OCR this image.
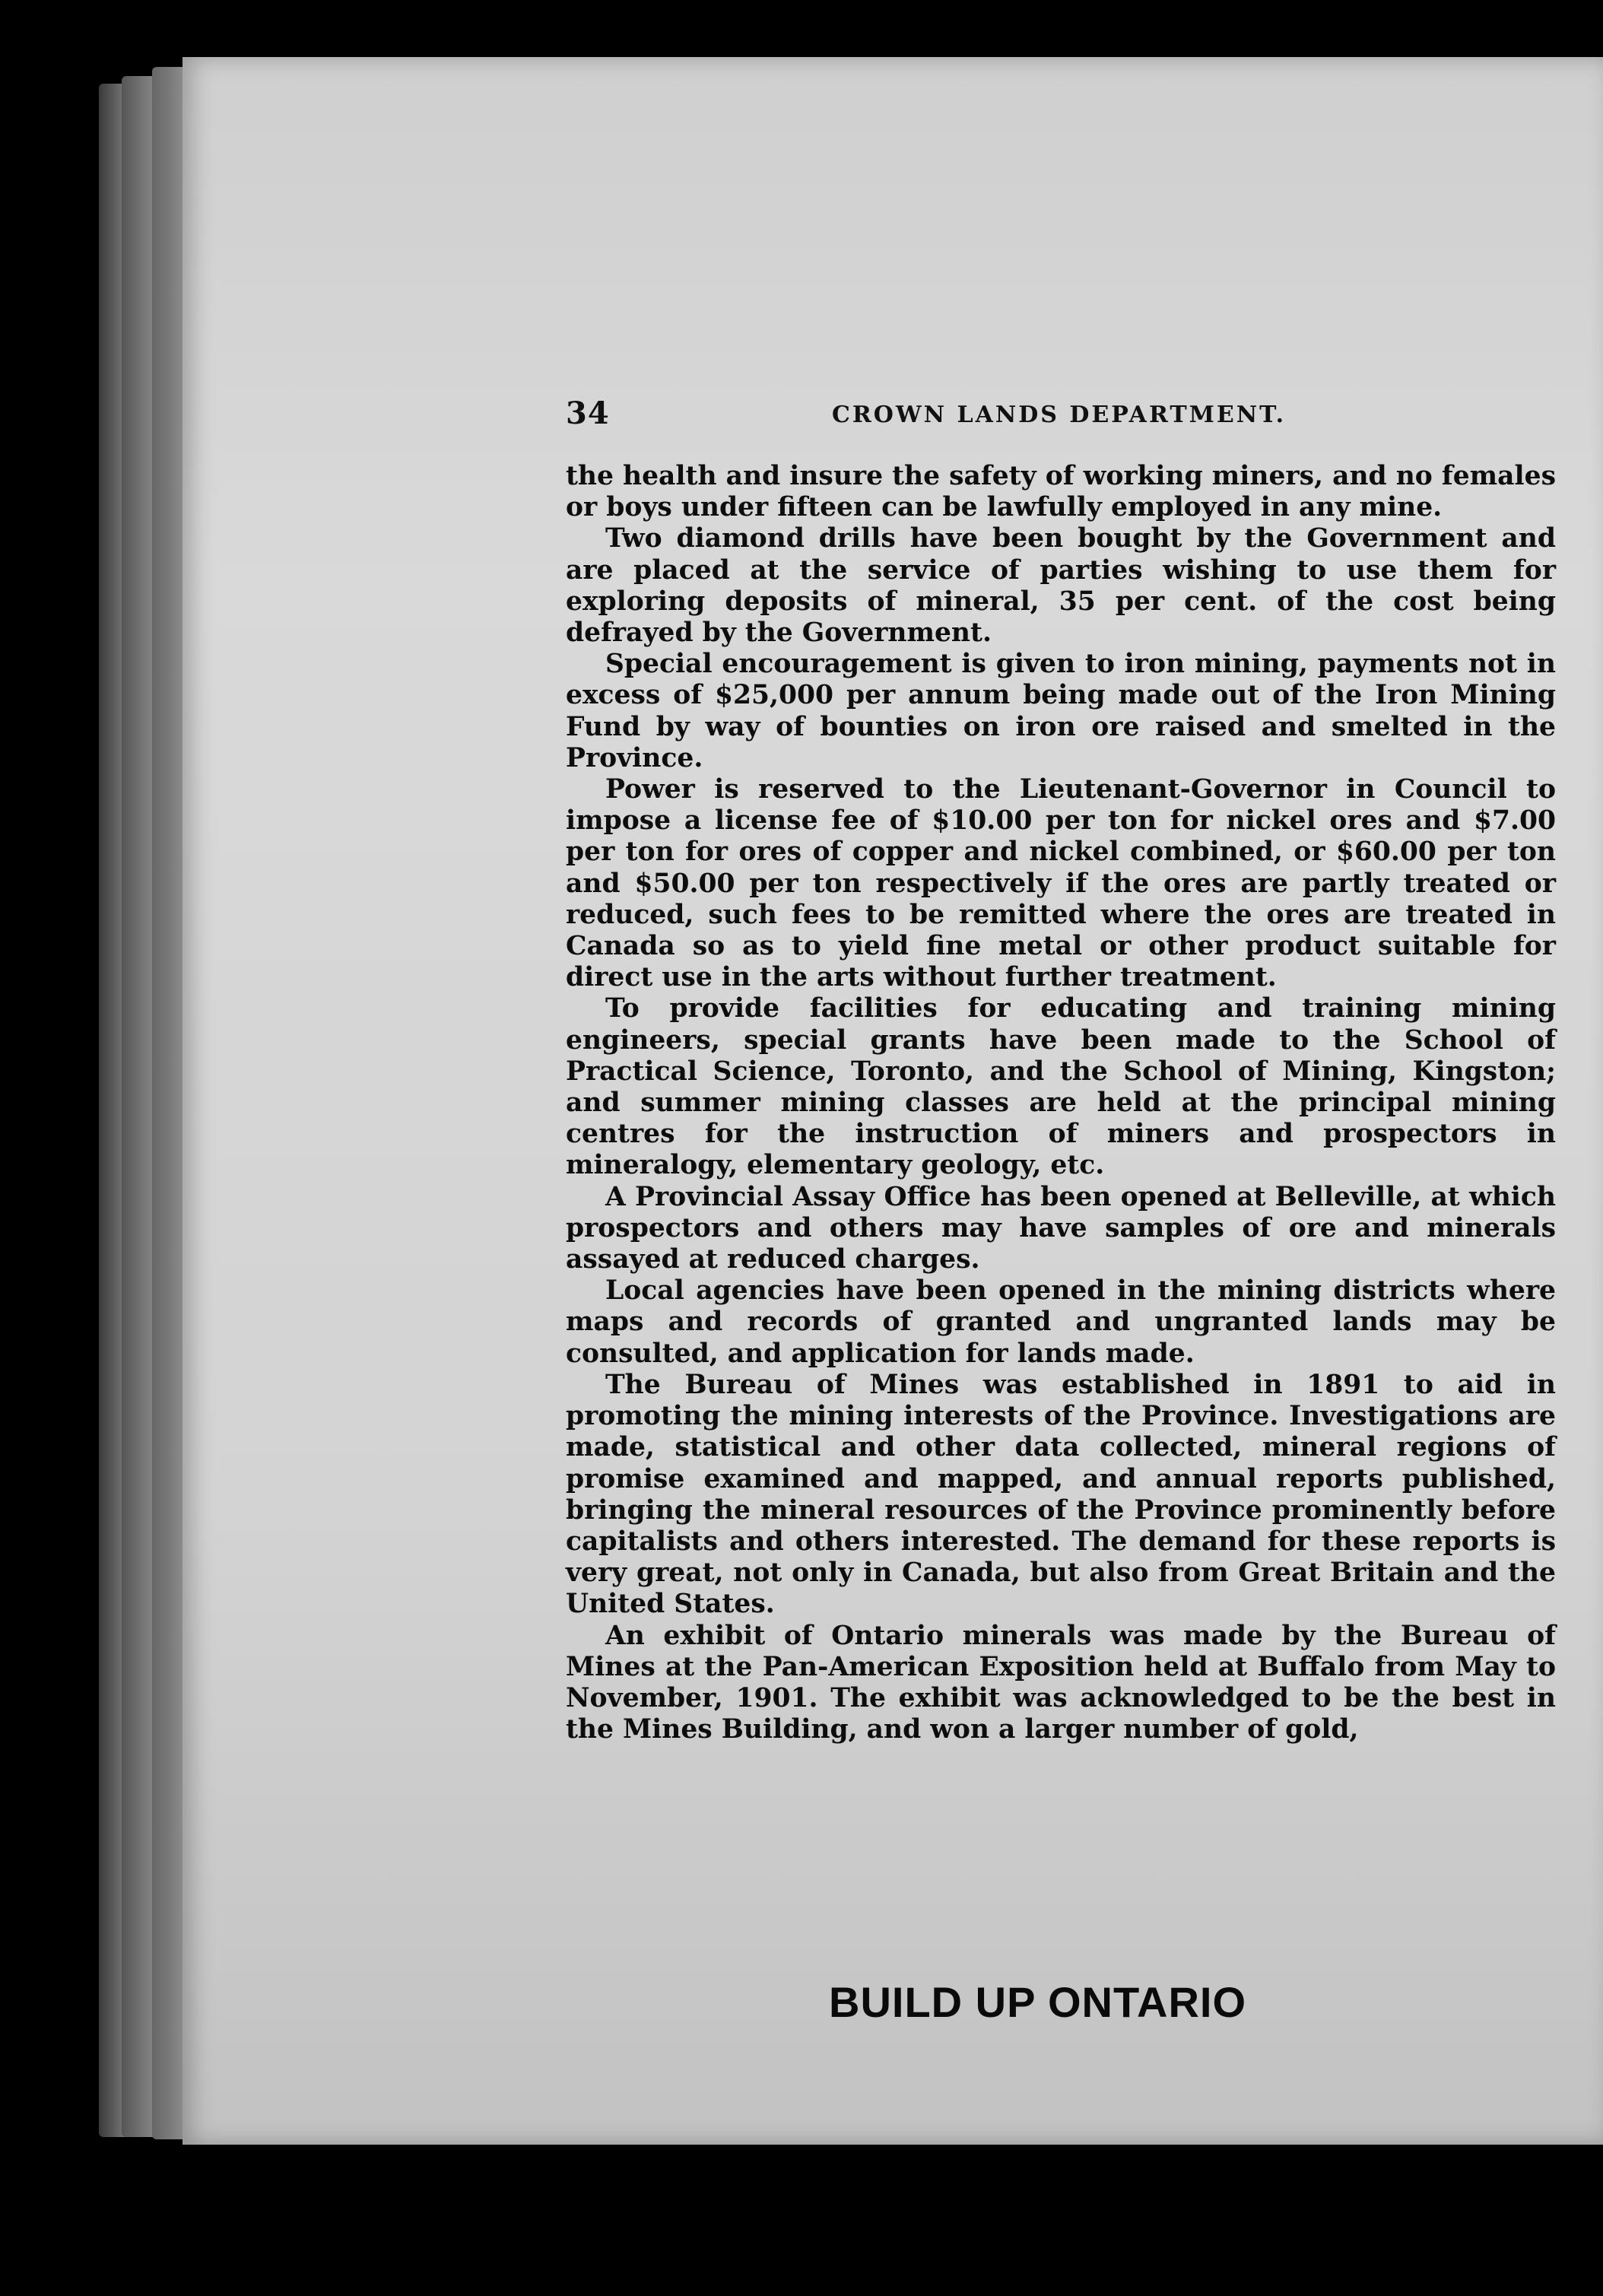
34	CROWN LANDS DEPARTMENT.

the health and insure the safety of working miners, and no females or boys under fifteen can be lawfully employed in any mine.

Two diamond drills have been bought by the Government and are placed at the service of parties wishing to use them for exploring deposits of mineral, 35 per cent. of the cost being defrayed by the Government.

Special encouragement is given to iron mining, payments not in excess of $25,000 per annum being made out of the Iron Mining Fund by way of bounties on iron ore raised and smelted in the Province.

Power is reserved to the Lieutenant-Governor in Council to impose a license fee of $10.00 per ton for nickel ores and $7.00 per ton for ores of copper and nickel combined, or $60.00 per ton and $50.00 per ton respectively if the ores are partly treated or reduced, such fees to be remitted where the ores are treated in Canada so as to yield fine metal or other product suitable for direct use in the arts without further treatment.

To provide facilities for educating and training mining engineers, special grants have been made to the School of Practical Science, Toronto, and the School of Mining, Kingston; and summer mining classes are held at the principal mining centres for the instruction of miners and prospectors in mineralogy, elementary geology, etc.

A Provincial Assay Office has been opened at Belleville, at which prospectors and others may have samples of ore and minerals assayed at reduced charges.

Local agencies have been opened in the mining districts where maps and records of granted and ungranted lands may be consulted, and application for lands made.

The Bureau of Mines was established in 1891 to aid in promoting the mining interests of the Province. Investigations are made, statistical and other data collected, mineral regions of promise examined and mapped, and annual reports published, bringing the mineral resources of the Province prominently before capitalists and others interested. The demand for these reports is very great, not only in Canada, but also from Great Britain and the United States.

An exhibit of Ontario minerals was made by the Bureau of Mines at the Pan-American Exposition held at Buffalo from May to November, 1901. The exhibit was acknowledged to be the best in the Mines Building, and won a larger number of gold,

BUILD UP ONTARIO
